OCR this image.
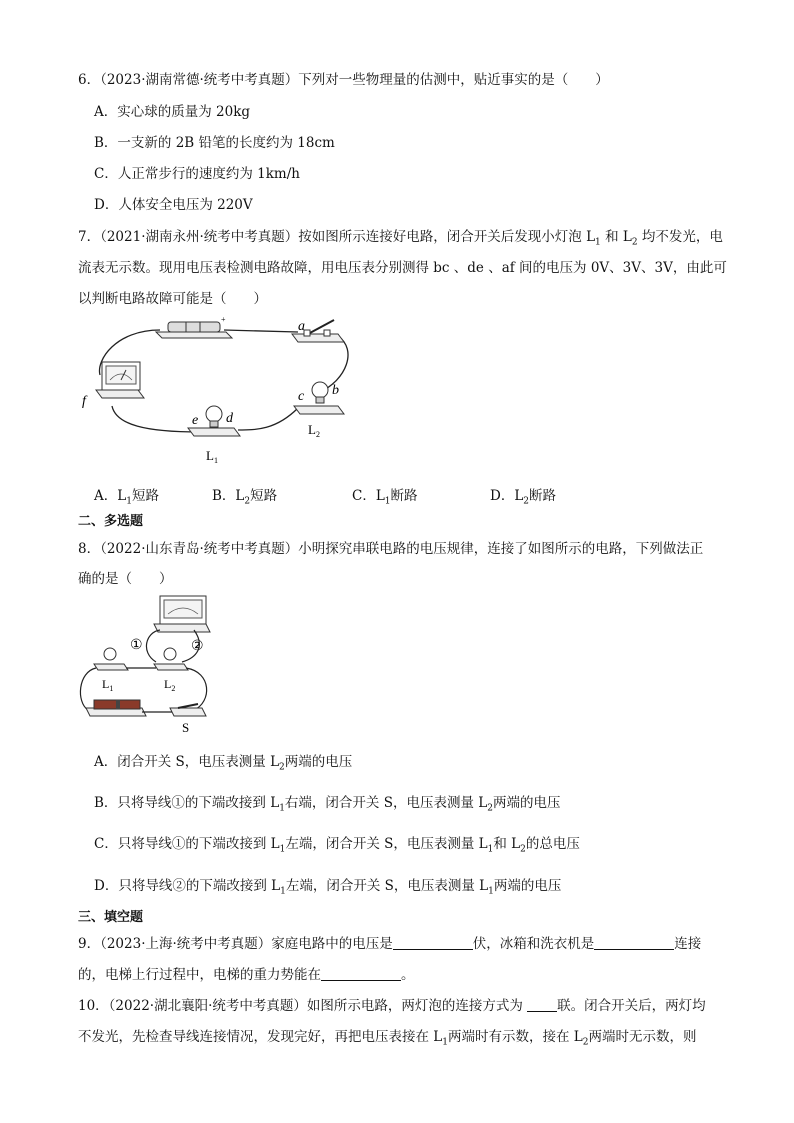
6．（2023·湖南常德·统考中考真题）下列对一些物理量的估测中，贴近事实的是（　　）
A．实心球的质量为 20kg
B．一支新的 2B 铅笔的长度约为 18cm
C．人正常步行的速度约为 1km/h
D．人体安全电压为 220V
7．（2021·湖南永州·统考中考真题）按如图所示连接好电路，闭合开关后发现小灯泡 $L_1$ 和 $L_2$ 均不发光，电
流表无示数。现用电压表检测电路故障，用电压表分别测得 bc 、de 、af 间的电压为 0V、3V、3V，由此可
以判断电路故障可能是（　　）
+	a
f
b
c
$L_2$
e d
$L_1$
A．$L_1$短路	B．$L_2$短路	C．$L_1$断路	D．$L_2$断路
二、多选题
8．（2022·山东青岛·统考中考真题）小明探究串联电路的电压规律，连接了如图所示的电路，下列做法正
确的是（　　）
①	②
$L_1$	$L_2$
S
A．闭合开关 S，电压表测量 $L_2$两端的电压
B．只将导线①的下端改接到 $L_1$右端，闭合开关 S，电压表测量 $L_2$两端的电压
C．只将导线①的下端改接到 $L_1$左端，闭合开关 S，电压表测量 $L_1$和 $L_2$的总电压
D．只将导线②的下端改接到 $L_1$左端，闭合开关 S，电压表测量 $L_1$两端的电压
三、填空题
9．（2023·上海·统考中考真题）家庭电路中的电压是	伏，冰箱和洗衣机是	连接
的，电梯上行过程中，电梯的重力势能在	。
10．（2022·湖北襄阳·统考中考真题）如图所示电路，两灯泡的连接方式为	联。闭合开关后，两灯均
不发光，先检查导线连接情况，发现完好，再把电压表接在 $L_1$两端时有示数，接在 $L_2$两端时无示数，则
